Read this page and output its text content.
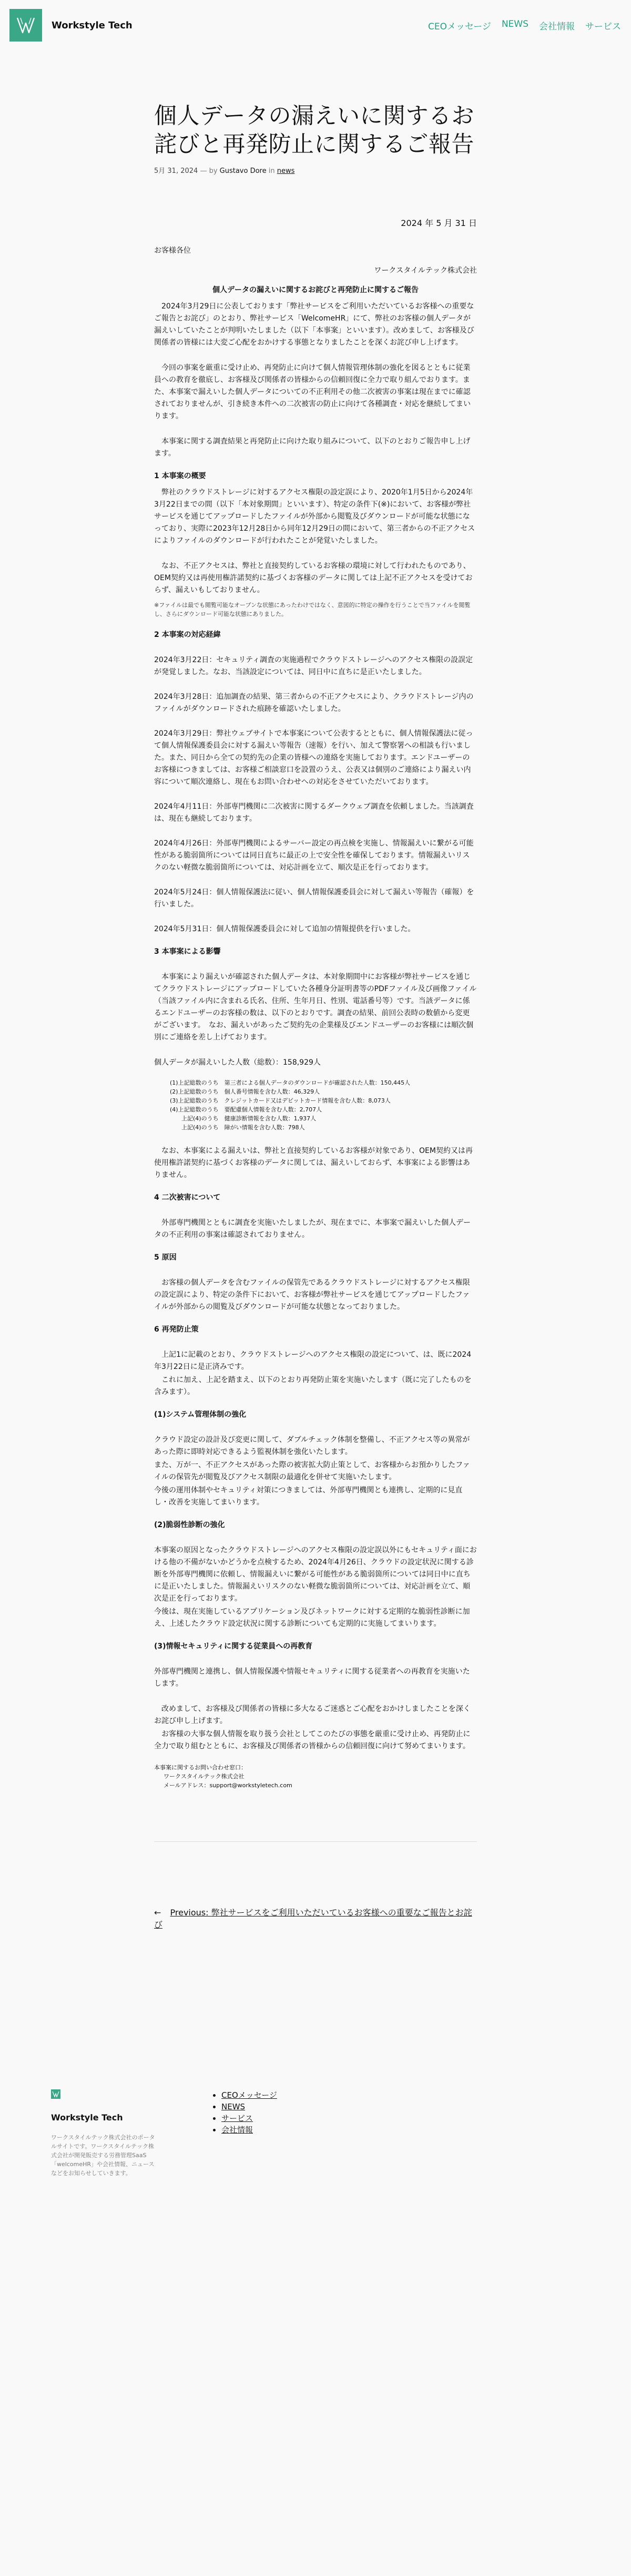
Workstyle Tech	CEOメッセージ NEWS 会社情報 サービス
個人データの漏えいに関するお詫びと再発防止に関するご報告
5月 31, 2024 — by Gustavo Dore in news
2024 年 5 月 31 日
お客様各位
ワークスタイルテック株式会社
個人データの漏えいに関するお詫びと再発防止に関するご報告

2024年3月29日に公表しております「弊社サービスをご利用いただいているお客様への重要なご報告とお詫び」のとおり、弊社サービス「WelcomeHR」にて、弊社のお客様の個人データが漏えいしていたことが判明いたしました（以下「本事案」といいます）。改めまして、お客様及び関係者の皆様には大変ご心配をおかけする事態となりましたことを深くお詫び申し上げます。

今回の事案を厳重に受け止め、再発防止に向けて個人情報管理体制の強化を図るとともに従業員への教育を徹底し、お客様及び関係者の皆様からの信頼回復に全力で取り組んでおります。また、本事案で漏えいした個人データについての不正利用その他二次被害の事案は現在までに確認されておりませんが、引き続き本件への二次被害の防止に向けて各種調査・対応を継続してまいります。

本事案に関する調査結果と再発防止に向けた取り組みについて、以下のとおりご報告申し上げます。

1 本事案の概要

弊社のクラウドストレージに対するアクセス権限の設定誤により、2020年1月5日から2024年3月22日までの間（以下「本対象期間」といいます）、特定の条件下(※)において、お客様が弊社サービスを通じてアップロードしたファイルが外部から閲覧及びダウンロードが可能な状態になっており、実際に2023年12月28日から同年12月29日の間において、第三者からの不正アクセスによりファイルのダウンロードが行われたことが発覚いたしました。

なお、不正アクセスは、弊社と直接契約しているお客様の環境に対して行われたものであり、OEM契約又は再使用権許諾契約に基づくお客様のデータに関しては上記不正アクセスを受けておらず、漏えいもしておりません。

※ファイルは最でも閲覧可能なオープンな状態にあったわけではなく、意図的に特定の操作を行うことで当ファイルを閲覧し、さらにダウンロード可能な状態にありました。

2 本事案の対応経緯

2024年3月22日：セキュリティ調査の実施過程でクラウドストレージへのアクセス権限の設誤定が発覚しました。なお、当該設定については、同日中に直ちに是正いたしました。

2024年3月28日：追加調査の結果、第三者からの不正アクセスにより、クラウドストレージ内のファイルがダウンロードされた痕跡を確認いたしました。

2024年3月29日：弊社ウェブサイトで本事案について公表するとともに、個人情報保護法に従って個人情報保護委員会に対する漏えい等報告（速報）を行い、加えて警察署への相談も行いました。また、同日から全ての契約先の企業の皆様への連絡を実施しております。エンドユーザーのお客様につきましては、お客様ご相談窓口を設置のうえ、公表又は個別のご連絡により漏えい内容について順次連絡し、現在もお問い合わせへの対応をさせていただいております。

2024年4月11日：外部専門機関に二次被害に関するダークウェブ調査を依頼しました。当該調査は、現在も継続しております。

2024年4月26日：外部専門機関によるサーバー設定の再点検を実施し、情報漏えいに繋がる可能性がある脆弱箇所については同日直ちに最正の上で安全性を確保しております。情報漏えいリスクのない軽微な脆弱箇所については、対応計画を立て、順次是正を行っております。

2024年5月24日：個人情報保護法に従い、個人情報保護委員会に対して漏えい等報告（確報）を行いました。

2024年5月31日：個人情報保護委員会に対して追加の情報提供を行いました。

3 本事案による影響

本事案により漏えいが確認された個人データは、本対象期間中にお客様が弊社サービスを通じてクラウドストレージにアップロードしていた各種身分証明書等のPDFファイル及び画像ファイル（当該ファイル内に含まれる氏名、住所、生年月日、性別、電話番号等）です。当該データに係るエンドユーザーのお客様の数は、以下のとおりです。調査の結果、前回公表時の数値から変更がございます。　なお、漏えいがあったご契約先の企業様及びエンドユーザーのお客様には順次個別にご連絡を差し上げております。

個人データが漏えいした人数（総数）：158,929人

(1)上記総数のうち　第三者による個人データのダウンロードが確認された人数：150,445人
(2)上記総数のうち　個人番号情報を含む人数：46,329人
(3)上記総数のうち　クレジットカード又はデビットカード情報を含む人数：8,073人
(4)上記総数のうち　要配慮個人情報を含む人数：2,707人
上記(4)のうち　健康診断情報を含む人数：1,937人
上記(4)のうち　障がい情報を含む人数：798人

なお、本事案による漏えいは、弊社と直接契約しているお客様が対象であり、OEM契約又は再使用権許諾契約に基づくお客様のデータに関しては、漏えいしておらず、本事案による影響はありません。

4 二次被害について

外部専門機関とともに調査を実施いたしましたが、現在までに、本事案で漏えいした個人データの不正利用の事案は確認されておりません。

5 原因

お客様の個人データを含むファイルの保管先であるクラウドストレージに対するアクセス権限の設定誤により、特定の条件下において、お客様が弊社サービスを通じてアップロードしたファイルが外部からの閲覧及びダウンロードが可能な状態となっておりました。

6 再発防止策

上記1に記載のとおり、クラウドストレージへのアクセス権限の設定について、は、既に2024年3月22日に是正済みです。

これに加え、上記を踏まえ、以下のとおり再発防止策を実施いたします（既に完了したものを含みます）。

(1)システム管理体制の強化

クラウド設定の設計及び変更に関して、ダブルチェック体制を整備し、不正アクセス等の異常があった際に即時対応できるよう監視体制を強化いたします。

また、万が一、不正アクセスがあった際の被害拡大防止策として、お客様からお預かりしたファイルの保管先が閲覧及びアクセス制限の最適化を併せて実施いたします。

今後の運用体制やセキュリティ対策につきましては、外部専門機関とも連携し、定期的に見直し・改善を実施してまいります。

(2)脆弱性診断の強化

本事案の原因となったクラウドストレージへのアクセス権限の設定誤以外にもセキュリティ面における他の不備がないかどうかを点検するため、2024年4月26日、クラウドの設定状況に関する診断を外部専門機関に依頼し、情報漏えいに繋がる可能性がある脆弱箇所については同日中に直ちに是正いたしました。情報漏えいリスクのない軽微な脆弱箇所については、対応計画を立て、順次是正を行っております。

今後は、現在実施しているアプリケーション及びネットワークに対する定期的な脆弱性診断に加え、上述したクラウド設定状況に関する診断についても定期的に実施してまいります。

(3)情報セキュリティに関する従業員への再教育

外部専門機関と連携し、個人情報保護や情報セキュリティに関する従業者への再教育を実施いたします。

改めまして、お客様及び関係者の皆様に多大なるご迷惑とご心配をおかけしましたことを深くお詫び申し上げます。

お客様の大事な個人情報を取り扱う会社としてこのたびの事態を厳重に受け止め、再発防止に全力で取り組むとともに、お客様及び関係者の皆様からの信頼回復に向けて努めてまいります。

本事案に関するお問い合わせ窓口：
ワークスタイルテック株式会社
メールアドレス：support@workstyletech.com
← Previous: 弊社サービスをご利用いただいているお客様への重要なご報告とお詫び
Workstyle Tech

ワークスタイルテック株式会社のポータルサイトです。ワークスタイルテック株式会社が開発販売する労務管理SaaS「welcomeHR」や会社情報、ニュースなどをお知らせしていきます。

• CEOメッセージ
• NEWS
• サービス
• 会社情報
